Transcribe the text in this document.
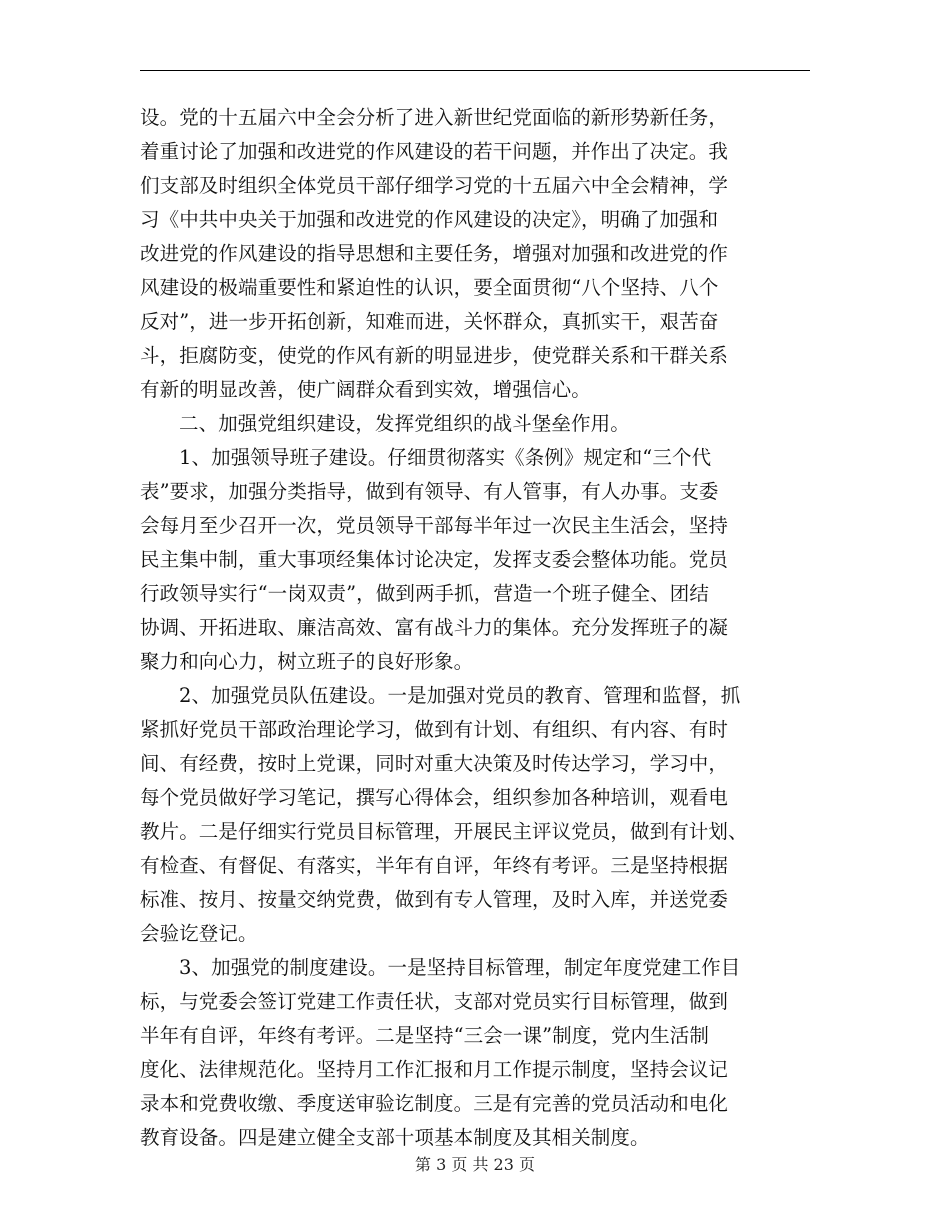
设。党的十五届六中全会分析了进入新世纪党面临的新形势新任务，
着重讨论了加强和改进党的作风建设的若干问题，并作出了决定。我
们支部及时组织全体党员干部仔细学习党的十五届六中全会精神，学
习《中共中央关于加强和改进党的作风建设的决定》，明确了加强和
改进党的作风建设的指导思想和主要任务，增强对加强和改进党的作
风建设的极端重要性和紧迫性的认识，要全面贯彻“八个坚持、八个
反对”，进一步开拓创新，知难而进，关怀群众，真抓实干，艰苦奋
斗，拒腐防变，使党的作风有新的明显进步，使党群关系和干群关系
有新的明显改善，使广阔群众看到实效，增强信心。
二、加强党组织建设，发挥党组织的战斗堡垒作用。
1、加强领导班子建设。仔细贯彻落实《条例》规定和“三个代
表”要求，加强分类指导，做到有领导、有人管事，有人办事。支委
会每月至少召开一次，党员领导干部每半年过一次民主生活会，坚持
民主集中制，重大事项经集体讨论决定，发挥支委会整体功能。党员
行政领导实行“一岗双责”，做到两手抓，营造一个班子健全、团结
协调、开拓进取、廉洁高效、富有战斗力的集体。充分发挥班子的凝
聚力和向心力，树立班子的良好形象。
2、加强党员队伍建设。一是加强对党员的教育、管理和监督，抓
紧抓好党员干部政治理论学习，做到有计划、有组织、有内容、有时
间、有经费，按时上党课，同时对重大决策及时传达学习，学习中，
每个党员做好学习笔记，撰写心得体会，组织参加各种培训，观看电
教片。二是仔细实行党员目标管理，开展民主评议党员，做到有计划、
有检查、有督促、有落实，半年有自评，年终有考评。三是坚持根据
标准、按月、按量交纳党费，做到有专人管理，及时入库，并送党委
会验讫登记。
3、加强党的制度建设。一是坚持目标管理，制定年度党建工作目
标，与党委会签订党建工作责任状，支部对党员实行目标管理，做到
半年有自评，年终有考评。二是坚持“三会一课”制度，党内生活制
度化、法律规范化。坚持月工作汇报和月工作提示制度，坚持会议记
录本和党费收缴、季度送审验讫制度。三是有完善的党员活动和电化
教育设备。四是建立健全支部十项基本制度及其相关制度。
第 3 页 共 23 页
